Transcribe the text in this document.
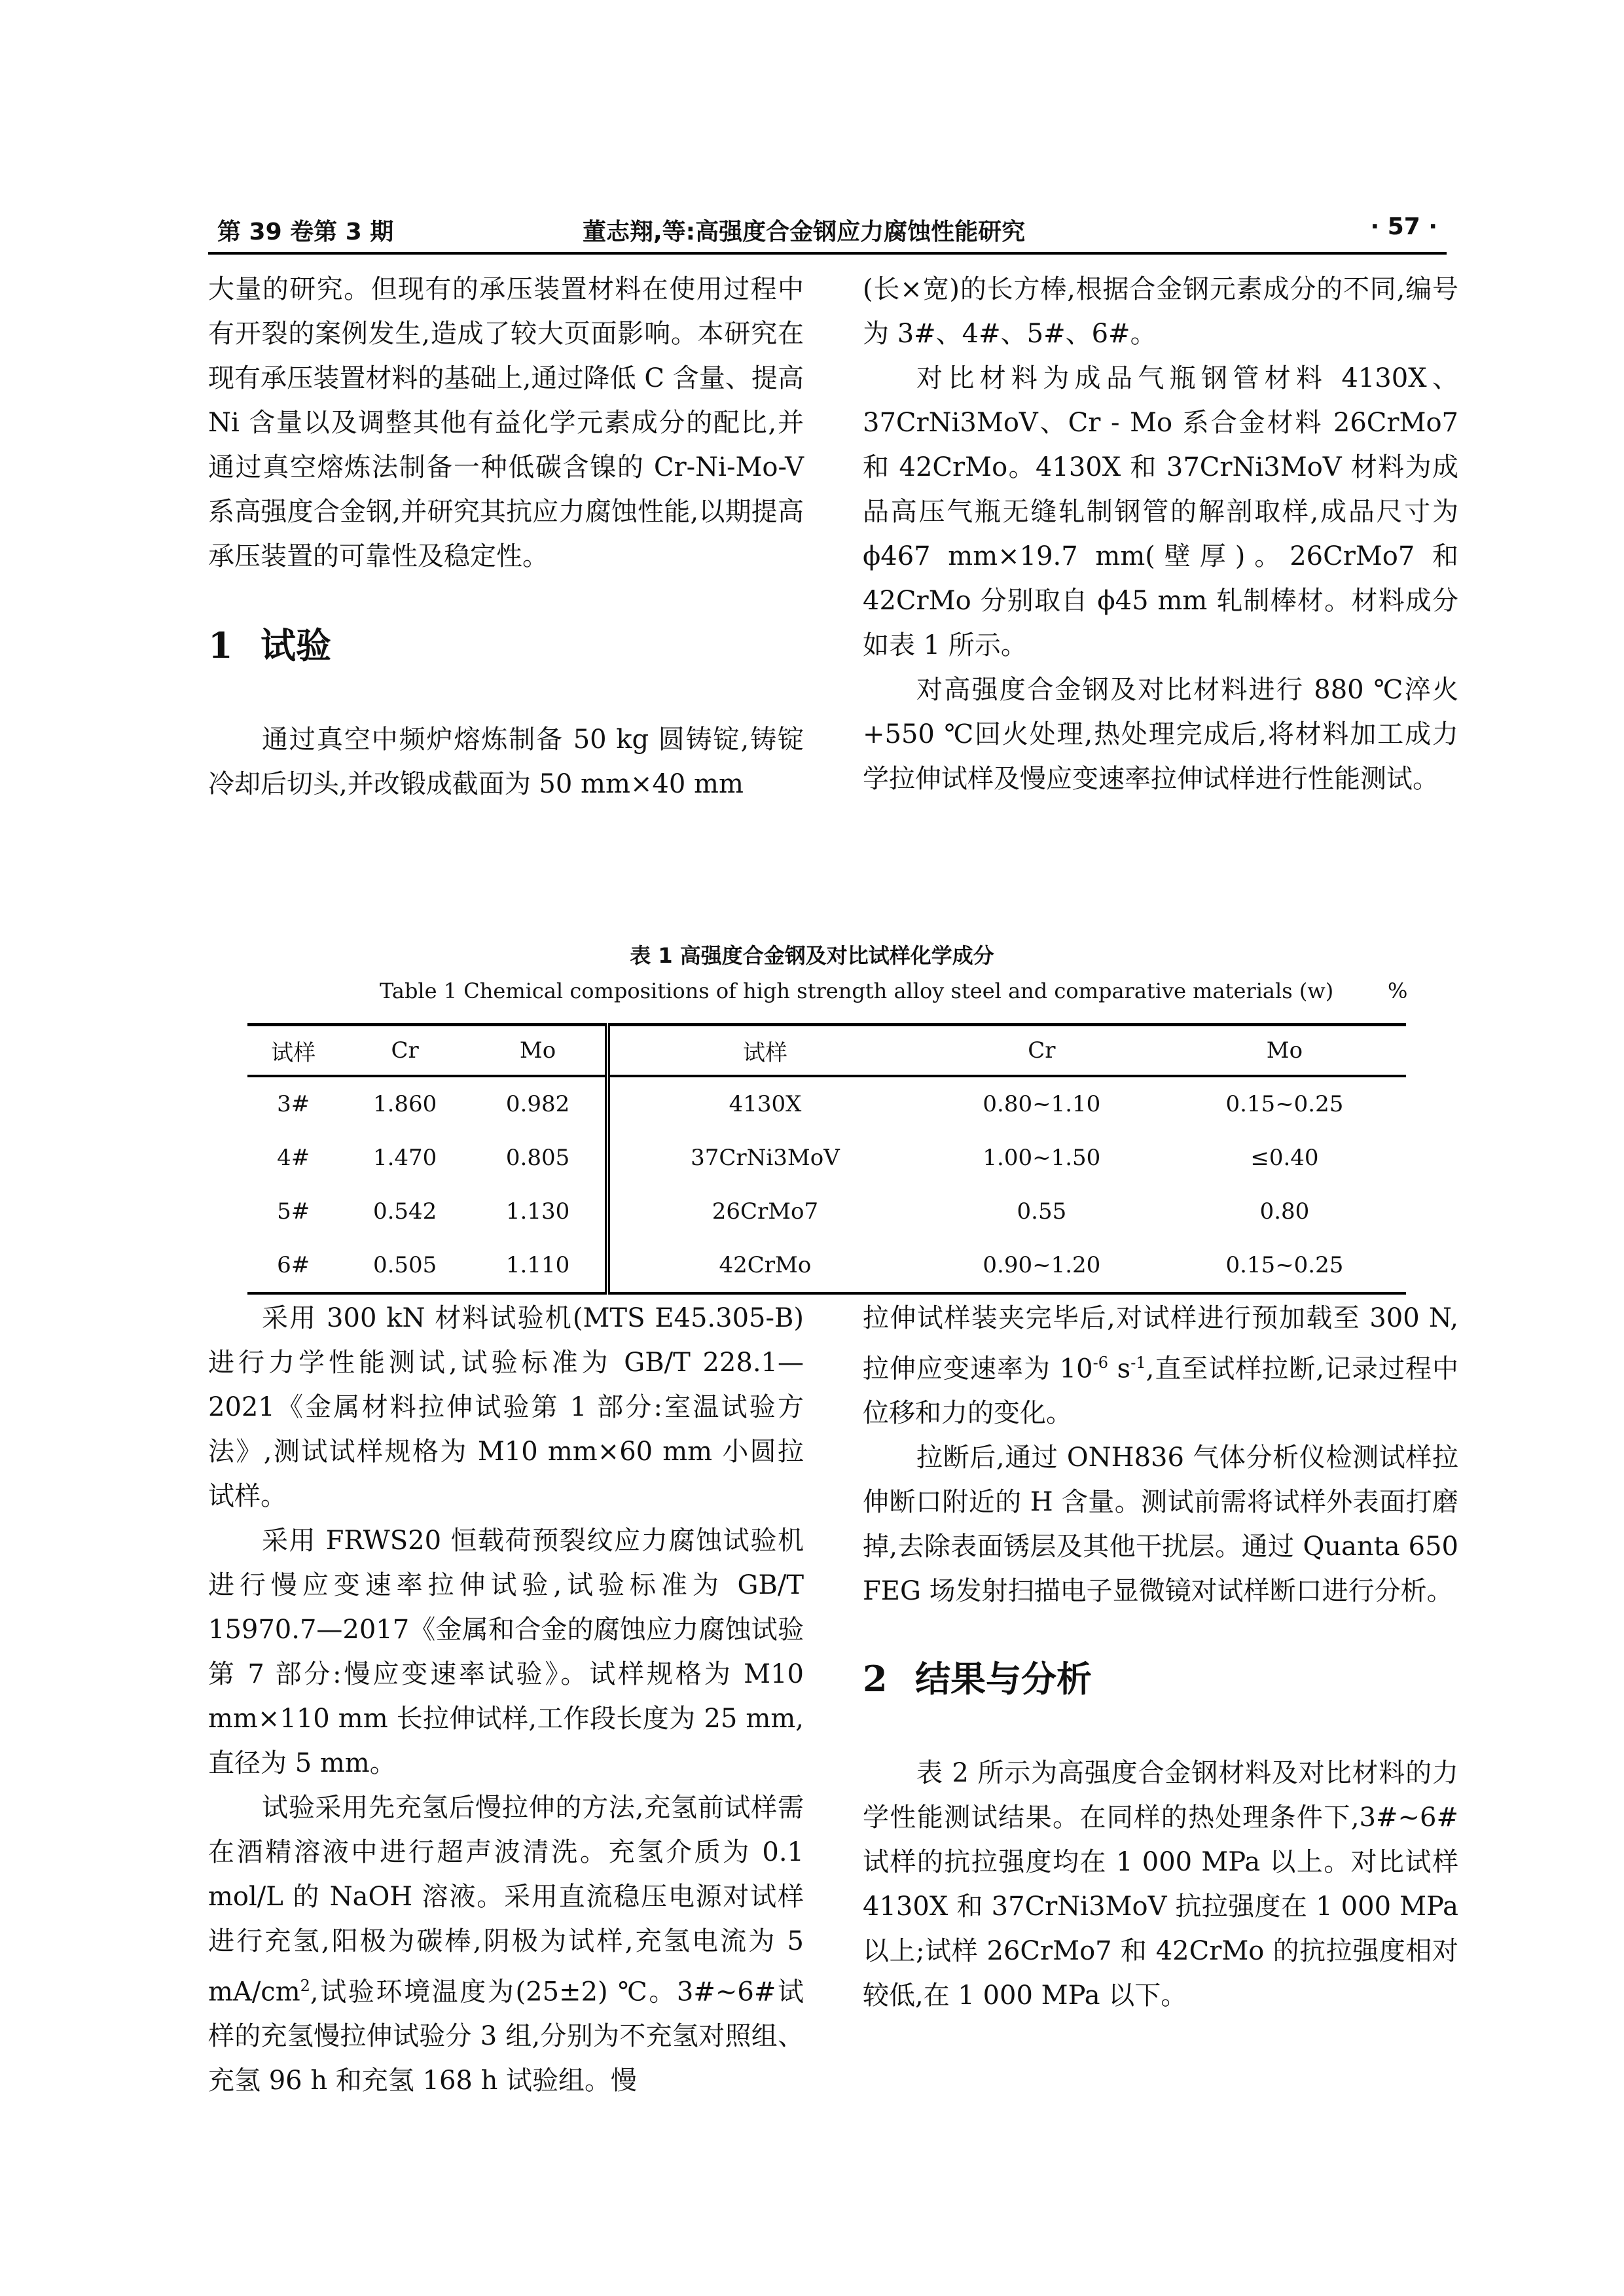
第 39 卷第 3 期	董志翔,等:高强度合金钢应力腐蚀性能研究	· 57 ·

大量的研究。但现有的承压装置材料在使用过程中有开裂的案例发生,造成了较大页面影响。本研究在现有承压装置材料的基础上,通过降低 C 含量、提高 Ni 含量以及调整其他有益化学元素成分的配比,并通过真空熔炼法制备一种低碳含镍的 Cr-Ni-Mo-V 系高强度合金钢,并研究其抗应力腐蚀性能,以期提高承压装置的可靠性及稳定性。

1 试验

通过真空中频炉熔炼制备 50 kg 圆铸锭,铸锭冷却后切头,并改锻成截面为 50 mm×40 mm

(长×宽)的长方棒,根据合金钢元素成分的不同,编号为 3#、4#、5#、6#。

对比材料为成品气瓶钢管材料 4130X、37CrNi3MoV、Cr - Mo 系合金材料 26CrMo7 和 42CrMo。4130X 和 37CrNi3MoV 材料为成品高压气瓶无缝轧制钢管的解剖取样,成品尺寸为 ϕ467 mm×19.7 mm(壁厚)。26CrMo7 和 42CrMo 分别取自 ϕ45 mm 轧制棒材。材料成分如表 1 所示。

对高强度合金钢及对比材料进行 880 ℃淬火+550 ℃回火处理,热处理完成后,将材料加工成力学拉伸试样及慢应变速率拉伸试样进行性能测试。

表 1 高强度合金钢及对比试样化学成分
Table 1 Chemical compositions of high strength alloy steel and comparative materials (w)	%
试样	Cr	Mo	试样	Cr	Mo
3#	1.860	0.982	4130X	0.80~1.10	0.15~0.25
4#	1.470	0.805	37CrNi3MoV	1.00~1.50	≤0.40
5#	0.542	1.130	26CrMo7	0.55	0.80
6#	0.505	1.110	42CrMo	0.90~1.20	0.15~0.25

采用 300 kN 材料试验机(MTS E45.305-B)进行力学性能测试,试验标准为 GB/T 228.1—2021《金属材料拉伸试验第 1 部分:室温试验方法》,测试试样规格为 M10 mm×60 mm 小圆拉试样。

采用 FRWS20 恒载荷预裂纹应力腐蚀试验机进行慢应变速率拉伸试验,试验标准为 GB/T 15970.7—2017《金属和合金的腐蚀应力腐蚀试验第 7 部分:慢应变速率试验》。试样规格为 M10 mm×110 mm 长拉伸试样,工作段长度为 25 mm,直径为 5 mm。

试验采用先充氢后慢拉伸的方法,充氢前试样需在酒精溶液中进行超声波清洗。充氢介质为 0.1 mol/L 的 NaOH 溶液。采用直流稳压电源对试样进行充氢,阳极为碳棒,阴极为试样,充氢电流为 5 $mA/cm^2$,试验环境温度为(25±2) ℃。3#~6#试样的充氢慢拉伸试验分 3 组,分别为不充氢对照组、充氢 96 h 和充氢 168 h 试验组。慢

拉伸试样装夹完毕后,对试样进行预加载至 300 N,拉伸应变速率为 $10^{-6}$ $s^{-1}$,直至试样拉断,记录过程中位移和力的变化。

拉断后,通过 ONH836 气体分析仪检测试样拉伸断口附近的 H 含量。测试前需将试样外表面打磨掉,去除表面锈层及其他干扰层。通过 Quanta 650 FEG 场发射扫描电子显微镜对试样断口进行分析。

2 结果与分析

表 2 所示为高强度合金钢材料及对比材料的力学性能测试结果。在同样的热处理条件下,3#~6#试样的抗拉强度均在 1 000 MPa 以上。对比试样 4130X 和 37CrNi3MoV 抗拉强度在 1 000 MPa 以上;试样 26CrMo7 和 42CrMo 的抗拉强度相对较低,在 1 000 MPa 以下。
